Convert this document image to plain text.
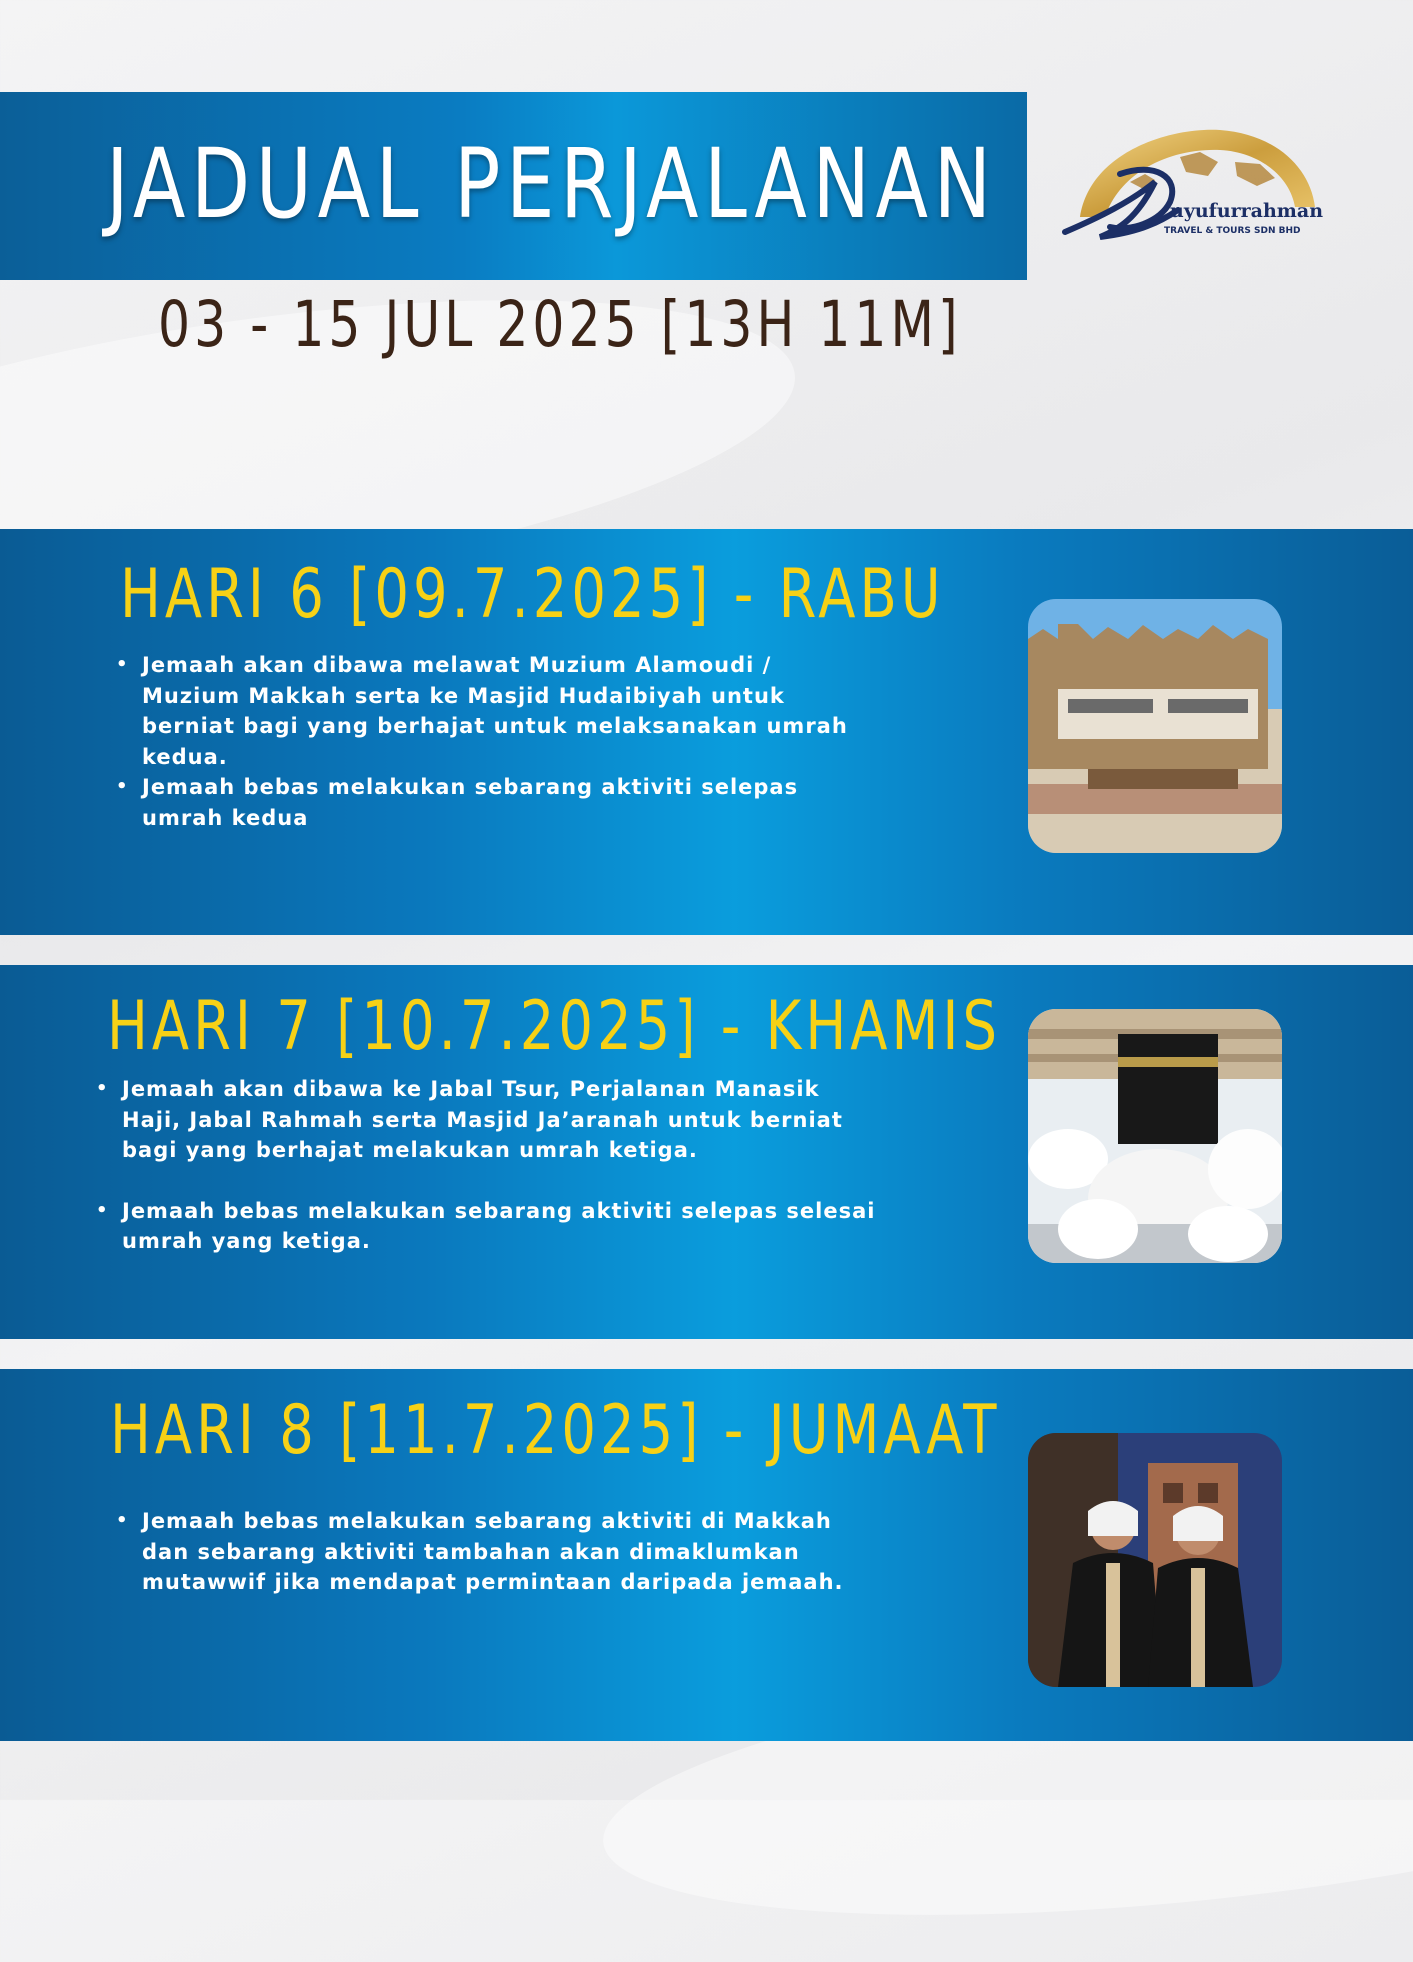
JADUAL PERJALANAN
03 - 15 JUL 2025 [13H 11M]
uyufurrahman
TRAVEL & TOURS SDN BHD
HARI 6 [09.7.2025] - RABU
• Jemaah akan dibawa melawat Muzium Alamoudi / Muzium Makkah serta ke Masjid Hudaibiyah untuk berniat bagi yang berhajat untuk melaksanakan umrah kedua.
• Jemaah bebas melakukan sebarang aktiviti selepas umrah kedua
HARI 7 [10.7.2025] - KHAMIS
• Jemaah akan dibawa ke Jabal Tsur, Perjalanan Manasik Haji, Jabal Rahmah serta Masjid Ja’aranah untuk berniat bagi yang berhajat melakukan umrah ketiga.
• Jemaah bebas melakukan sebarang aktiviti selepas selesai umrah yang ketiga.
HARI 8 [11.7.2025] - JUMAAT
• Jemaah bebas melakukan sebarang aktiviti di Makkah dan sebarang aktiviti tambahan akan dimaklumkan mutawwif jika mendapat permintaan daripada jemaah.
